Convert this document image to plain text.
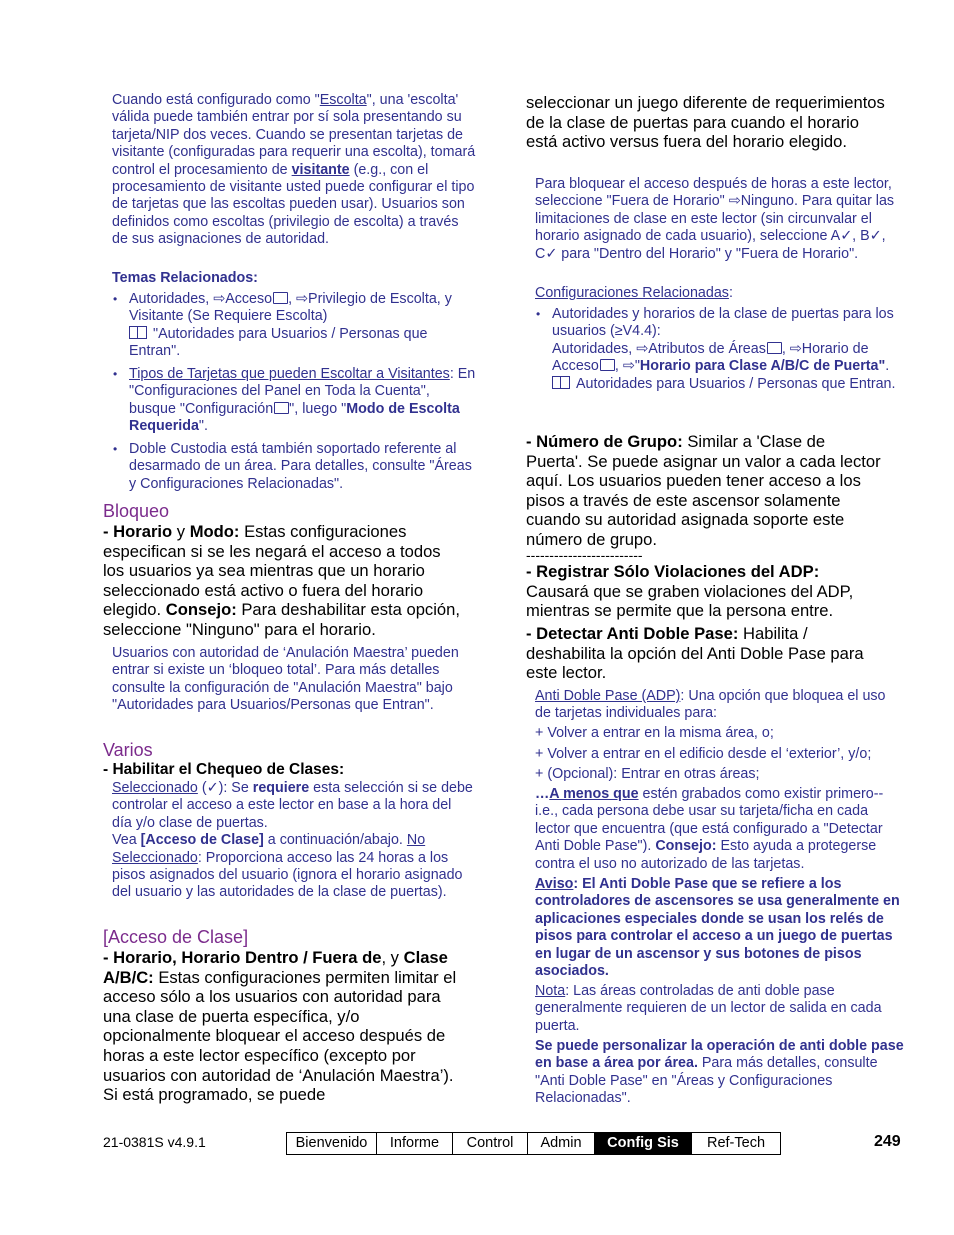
Cuando está configurado como "Escolta", una 'escolta' válida puede también entrar por sí sola presentando su tarjeta/NIP dos veces. Cuando se presentan tarjetas de visitante (configuradas para requerir una escolta), tomará control el procesamiento de visitante (e.g., con el procesamiento de visitante usted puede configurar el tipo de tarjetas que las escoltas pueden usar). Usuarios son definidos como escoltas (privilegio de escolta) a través de sus asignaciones de autoridad.

Temas Relacionados:

• Autoridades, ⇨Acceso , ⇨Privilegio de Escolta, y Visitante (Se Requiere Escolta)
"Autoridades para Usuarios / Personas que Entran".
• Tipos de Tarjetas que pueden Escoltar a Visitantes: En "Configuraciones del Panel en Toda la Cuenta", busque "Configuración ", luego "Modo de Escolta Requerida".
• Doble Custodia está también soportado referente al desarmado de un área. Para detalles, consulte "Áreas y Configuraciones Relacionadas".
Bloqueo

- Horario y Modo: Estas configuraciones especifican si se les negará el acceso a todos los usuarios ya sea mientras que un horario seleccionado está activo o fuera del horario elegido. Consejo: Para deshabilitar esta opción, seleccione "Ninguno" para el horario.

Usuarios con autoridad de ‘Anulación Maestra’ pueden entrar si existe un ‘bloqueo total’. Para más detalles consulte la configuración de "Anulación Maestra" bajo "Autoridades para Usuarios/Personas que Entran".

Varios

- Habilitar el Chequeo de Clases:

Seleccionado (✓): Se requiere esta selección si se debe controlar el acceso a este lector en base a la hora del día y/o clase de puertas.
Vea [Acceso de Clase] a continuación/abajo. No Seleccionado: Proporciona acceso las 24 horas a los pisos asignados del usuario (ignora el horario asignado del usuario y las autoridades de la clase de puertas).

[Acceso de Clase]

- Horario, Horario Dentro / Fuera de, y Clase A/B/C: Estas configuraciones permiten limitar el acceso sólo a los usuarios con autoridad para una clase de puerta específica, y/o opcionalmente bloquear el acceso después de horas a este lector específico (excepto por usuarios con autoridad de ‘Anulación Maestra’). Si está programado, se puede

seleccionar un juego diferente de requerimientos de la clase de puertas para cuando el horario está activo versus fuera del horario elegido.

Para bloquear el acceso después de horas a este lector, seleccione "Fuera de Horario" ⇨Ninguno. Para quitar las limitaciones de clase en este lector (sin circunvalar el horario asignado de cada usuario), seleccione A✓, B✓, C✓ para "Dentro del Horario" y "Fuera de Horario".

Configuraciones Relacionadas:

• Autoridades y horarios de la clase de puertas para los usuarios (≥V4.4):
Autoridades, ⇨Atributos de Áreas , ⇨Horario de Acceso , ⇨"Horario para Clase A/B/C de Puerta".
Autoridades para Usuarios / Personas que Entran.

- Número de Grupo: Similar a 'Clase de Puerta'. Se puede asignar un valor a cada lector aquí. Los usuarios pueden tener acceso a los pisos a través de este ascensor solamente cuando su autoridad asignada soporte este número de grupo.

-------------------------

- Registrar Sólo Violaciones del ADP: Causará que se graben violaciones del ADP, mientras se permite que la persona entre.

- Detectar Anti Doble Pase: Habilita / deshabilita la opción del Anti Doble Pase para este lector.

Anti Doble Pase (ADP): Una opción que bloquea el uso de tarjetas individuales para:

+ Volver a entrar en la misma área, o;

+ Volver a entrar en el edificio desde el ‘exterior’, y/o;

+ (Opcional): Entrar en otras áreas;

…A menos que estén grabados como existir primero--i.e., cada persona debe usar su tarjeta/ficha en cada lector que encuentra (que está configurado a "Detectar Anti Doble Pase"). Consejo: Esto ayuda a protegerse contra el uso no autorizado de las tarjetas.

Aviso: El Anti Doble Pase que se refiere a los controladores de ascensores se usa generalmente en aplicaciones especiales donde se usan los relés de pisos para controlar el acceso a un juego de puertas en lugar de un ascensor y sus botones de pisos asociados.

Nota: Las áreas controladas de anti doble pase generalmente requieren de un lector de salida en cada puerta.

Se puede personalizar la operación de anti doble pase en base a área por área. Para más detalles, consulte "Anti Doble Pase" en "Áreas y Configuraciones Relacionadas".

21-0381S v4.9.1	Bienvenido	Informe	Control	Admin	Config Sis	Ref-Tech	249
